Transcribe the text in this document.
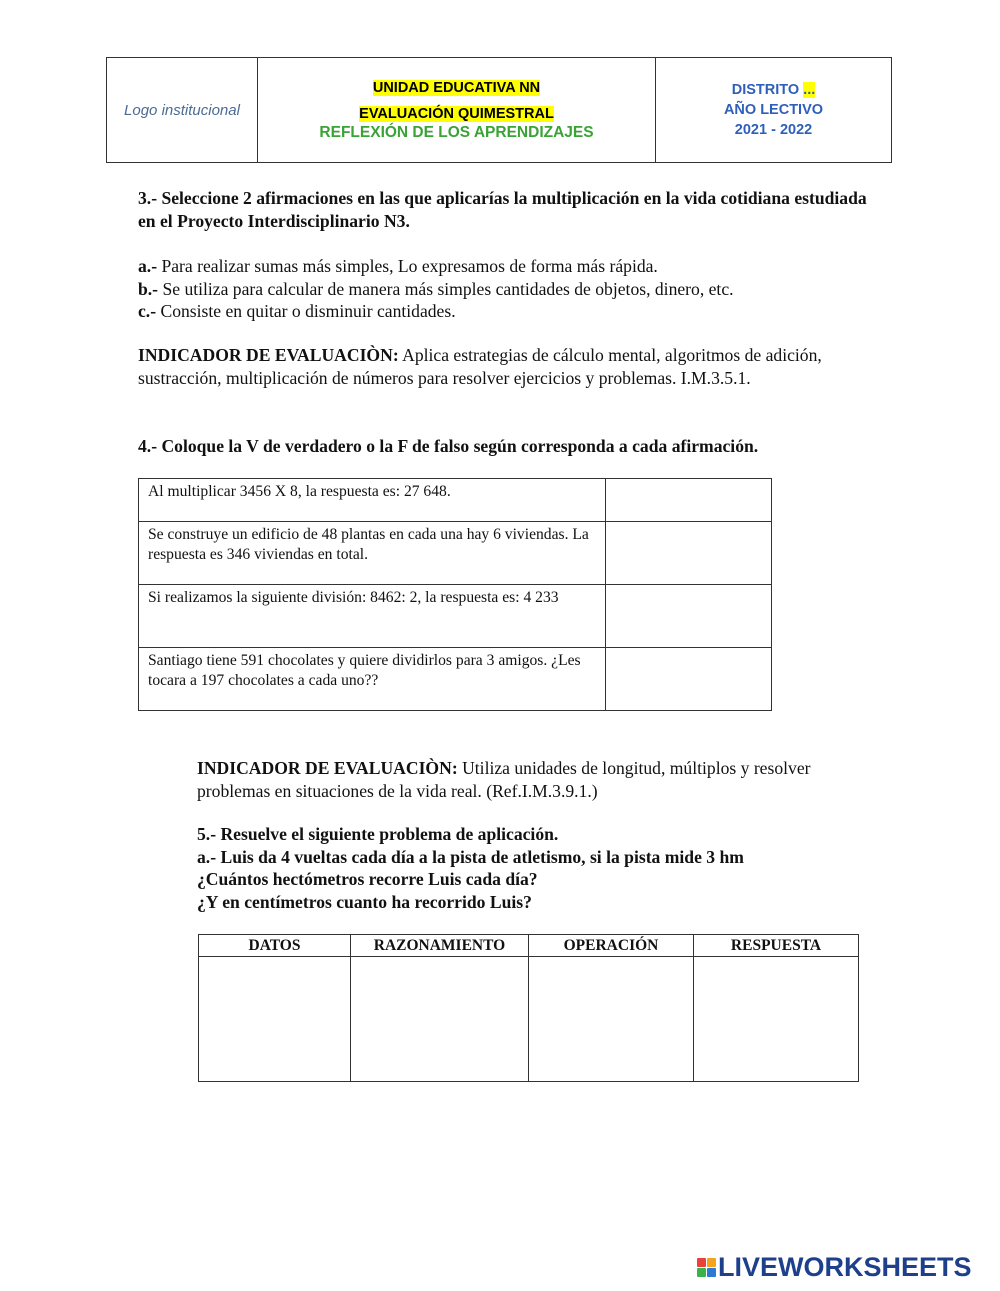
Logo institucional
UNIDAD EDUCATIVA NN
EVALUACIÓN QUIMESTRAL
REFLEXIÓN DE LOS APRENDIZAJES
DISTRITO ...
AÑO LECTIVO
2021 - 2022
3.- Seleccione 2 afirmaciones en las que aplicarías la multiplicación en la vida cotidiana estudiada en el Proyecto Interdisciplinario N3.
a.- Para realizar sumas más simples, Lo expresamos de forma más rápida.
b.- Se utiliza para calcular de manera más simples cantidades de objetos, dinero, etc.
c.- Consiste en quitar o disminuir cantidades.
INDICADOR DE EVALUACIÒN: Aplica estrategias de cálculo mental, algoritmos de adición, sustracción, multiplicación de números para resolver ejercicios y problemas. I.M.3.5.1.
4.- Coloque la V de verdadero o la F de falso según corresponda a cada afirmación.
Al multiplicar 3456 X 8, la respuesta es: 27 648.	
Se construye un edificio de 48 plantas en cada una hay 6 viviendas. La respuesta es 346 viviendas en total.	
Si realizamos la siguiente división: 8462: 2, la respuesta es: 4 233	
Santiago tiene 591 chocolates y quiere dividirlos para 3 amigos. ¿Les tocara a 197 chocolates a cada uno??	
INDICADOR DE EVALUACIÒN: Utiliza unidades de longitud, múltiplos y resolver problemas en situaciones de la vida real. (Ref.I.M.3.9.1.)
5.- Resuelve el siguiente problema de aplicación.
a.- Luis da 4 vueltas cada día a la pista de atletismo, si la pista mide 3 hm
¿Cuántos hectómetros recorre Luis cada día?
¿Y en centímetros cuanto ha recorrido Luis?
DATOS	RAZONAMIENTO	OPERACIÓN	RESPUESTA

LIVEWORKSHEETS
